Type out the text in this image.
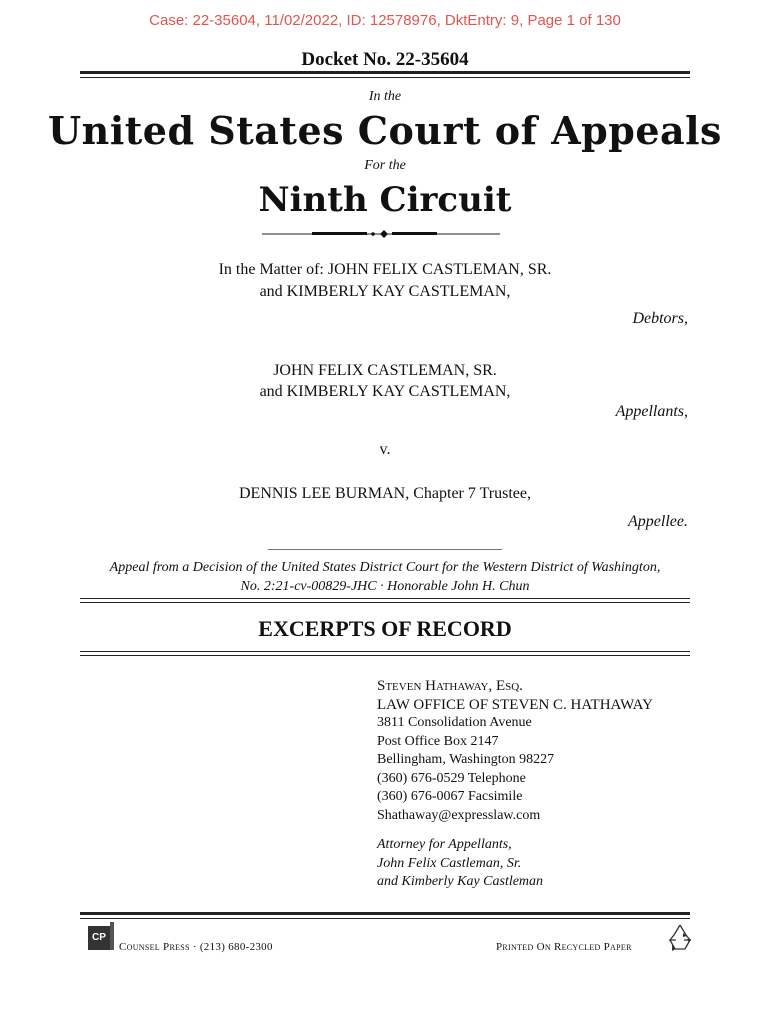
Case: 22-35604, 11/02/2022, ID: 12578976, DktEntry: 9, Page 1 of 130
Docket No. 22-35604
In the
United States Court of Appeals
For the
Ninth Circuit
In the Matter of: JOHN FELIX CASTLEMAN, SR.
and KIMBERLY KAY CASTLEMAN,
Debtors,
JOHN FELIX CASTLEMAN, SR.
and KIMBERLY KAY CASTLEMAN,
Appellants,
v.
DENNIS LEE BURMAN, Chapter 7 Trustee,
Appellee.
_______________________________________
Appeal from a Decision of the United States District Court for the Western District of Washington,
No. 2:21-cv-00829-JHC · Honorable John H. Chun
EXCERPTS OF RECORD
Steven Hathaway, Esq.
LAW OFFICE OF STEVEN C. HATHAWAY
3811 Consolidation Avenue
Post Office Box 2147
Bellingham, Washington 98227
(360) 676-0529 Telephone
(360) 676-0067 Facsimile
Shathaway@expresslaw.com
Attorney for Appellants,
John Felix Castleman, Sr.
and Kimberly Kay Castleman
CP
Counsel Press · (213) 680-2300	Printed On Recycled Paper
